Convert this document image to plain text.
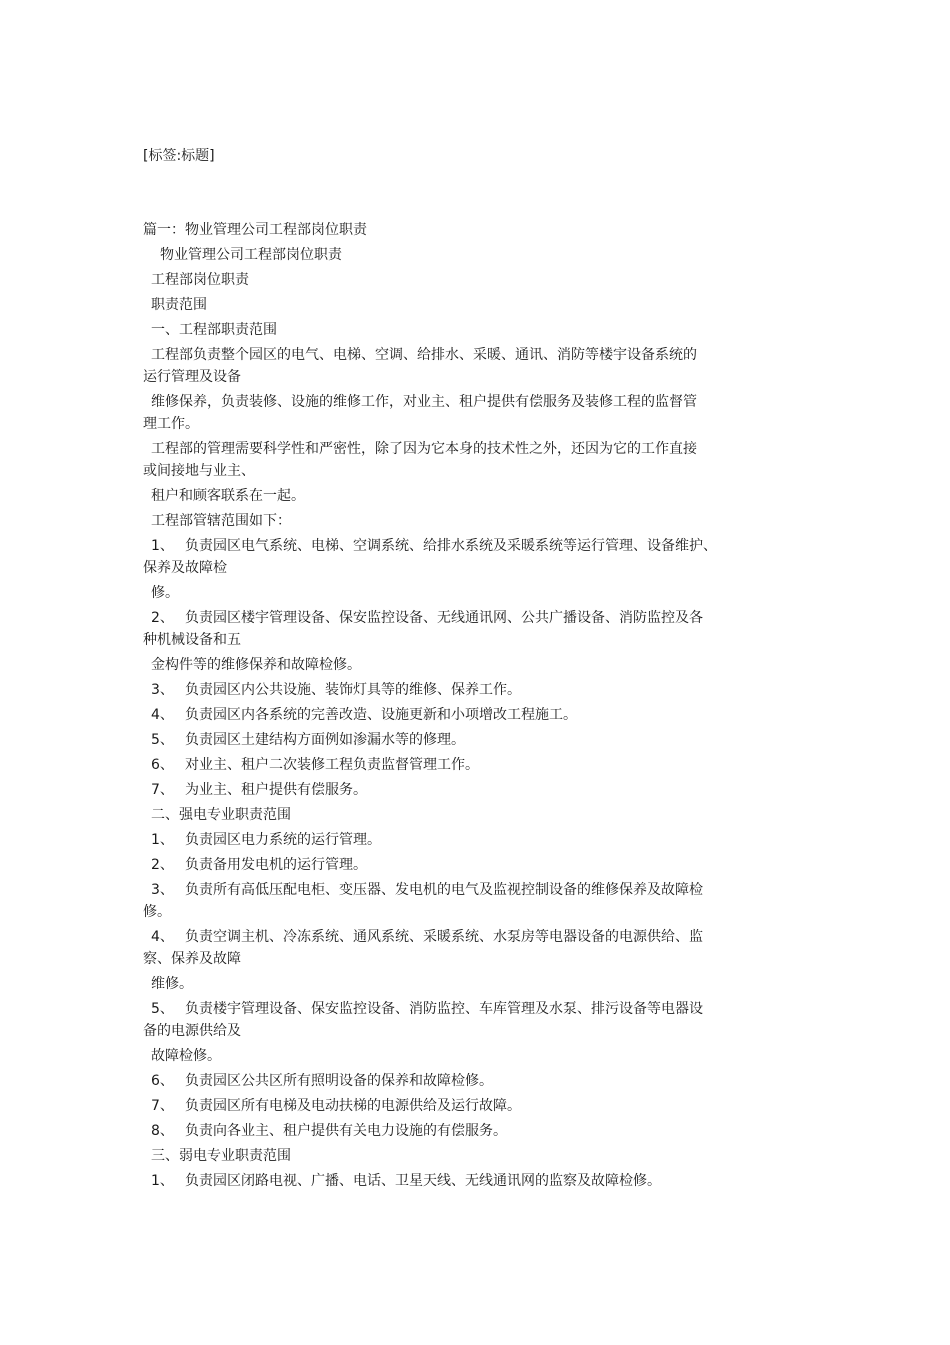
[标签:标题]
篇一：物业管理公司工程部岗位职责
物业管理公司工程部岗位职责
工程部岗位职责
职责范围
一、工程部职责范围
工程部负责整个园区的电气、电梯、空调、给排水、采暖、通讯、消防等楼宇设备系统的
运行管理及设备
维修保养，负责装修、设施的维修工作，对业主、租户提供有偿服务及装修工程的监督管
理工作。
工程部的管理需要科学性和严密性，除了因为它本身的技术性之外，还因为它的工作直接
或间接地与业主、
租户和顾客联系在一起。
工程部管辖范围如下：
1、 负责园区电气系统、电梯、空调系统、给排水系统及采暖系统等运行管理、设备维护、
保养及故障检
修。
2、 负责园区楼宇管理设备、保安监控设备、无线通讯网、公共广播设备、消防监控及各
种机械设备和五
金构件等的维修保养和故障检修。
3、 负责园区内公共设施、装饰灯具等的维修、保养工作。
4、 负责园区内各系统的完善改造、设施更新和小项增改工程施工。
5、 负责园区土建结构方面例如渗漏水等的修理。
6、 对业主、租户二次装修工程负责监督管理工作。
7、 为业主、租户提供有偿服务。
二、强电专业职责范围
1、 负责园区电力系统的运行管理。
2、 负责备用发电机的运行管理。
3、 负责所有高低压配电柜、变压器、发电机的电气及监视控制设备的维修保养及故障检
修。
4、 负责空调主机、冷冻系统、通风系统、采暖系统、水泵房等电器设备的电源供给、监
察、保养及故障
维修。
5、 负责楼宇管理设备、保安监控设备、消防监控、车库管理及水泵、排污设备等电器设
备的电源供给及
故障检修。
6、 负责园区公共区所有照明设备的保养和故障检修。
7、 负责园区所有电梯及电动扶梯的电源供给及运行故障。
8、 负责向各业主、租户提供有关电力设施的有偿服务。
三、弱电专业职责范围
1、 负责园区闭路电视、广播、电话、卫星天线、无线通讯网的监察及故障检修。
